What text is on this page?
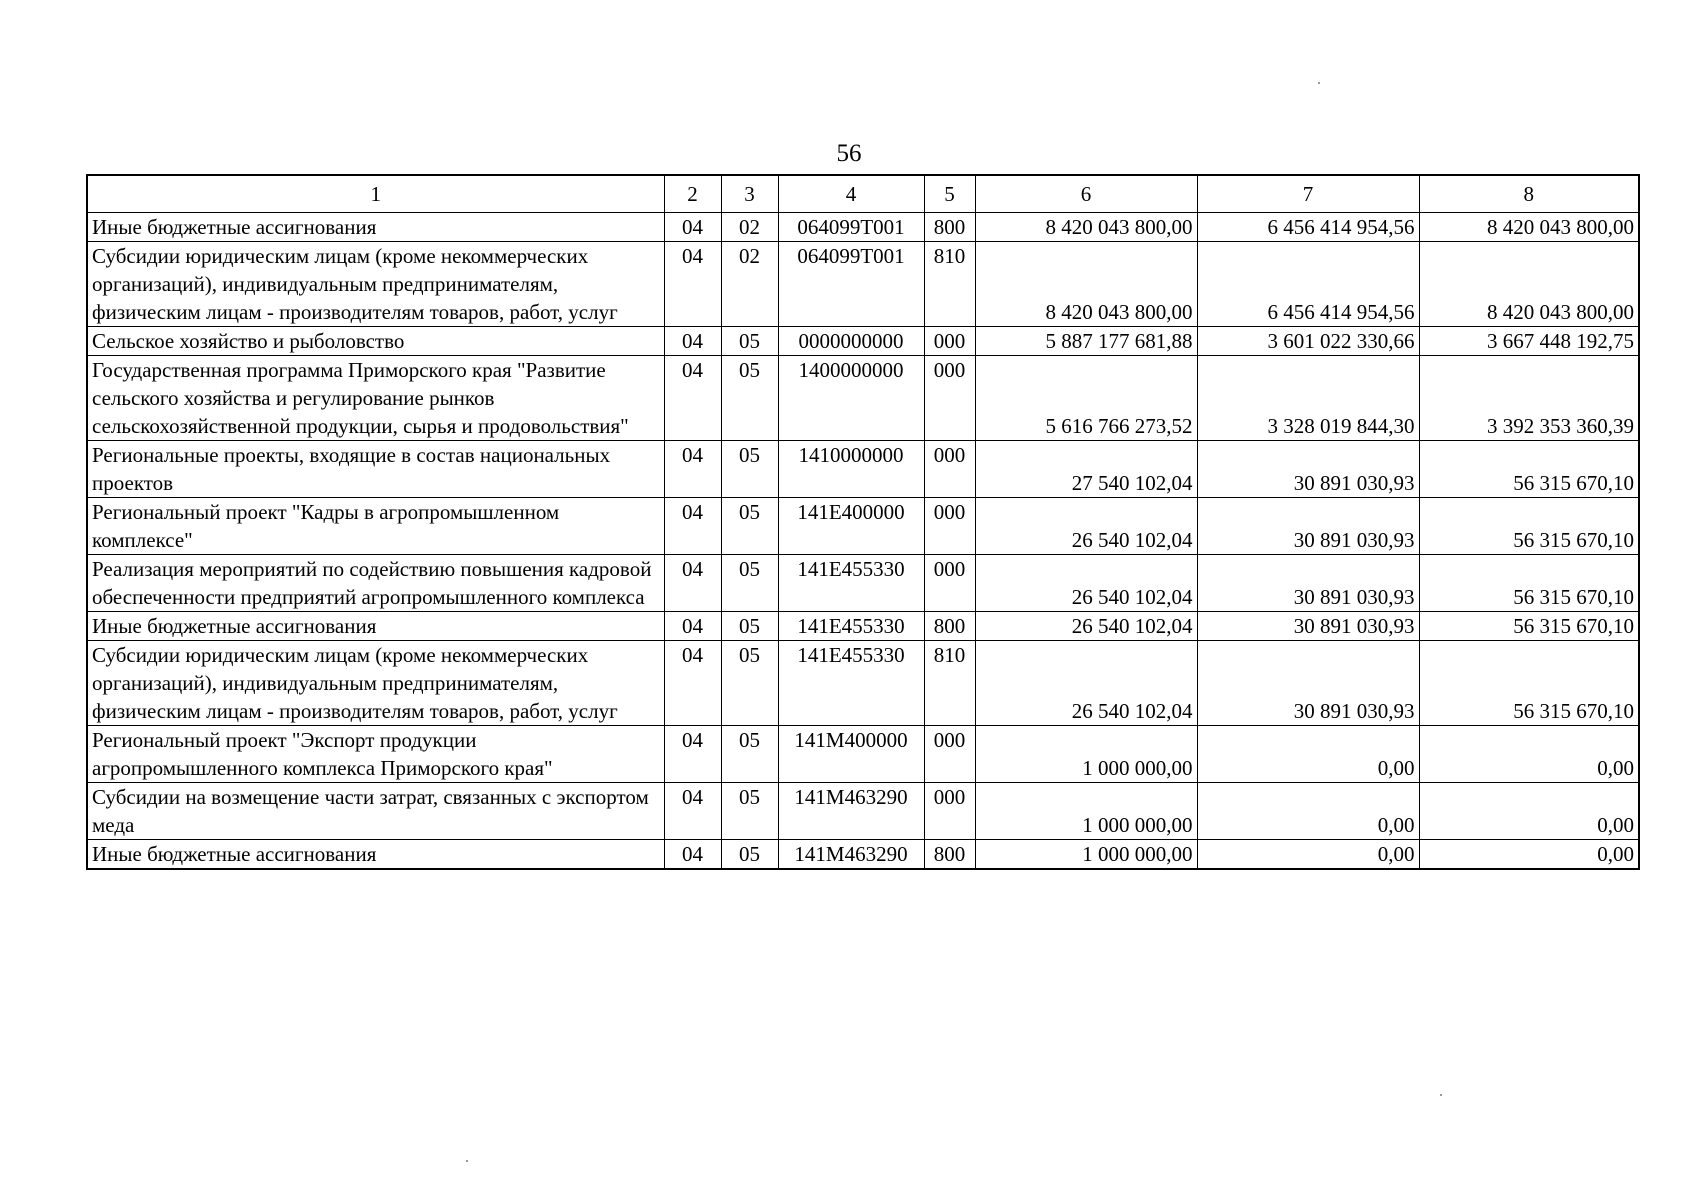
56
1	2	3	4	5	6	7	8
Иные бюджетные ассигнования	04	02	064099Т001	800	8 420 043 800,00	6 456 414 954,56	8 420 043 800,00
Субсидии юридическим лицам (кроме некоммерческих организаций), индивидуальным предпринимателям, физическим лицам - производителям товаров, работ, услуг	04	02	064099Т001	810	8 420 043 800,00	6 456 414 954,56	8 420 043 800,00
Сельское хозяйство и рыболовство	04	05	0000000000	000	5 887 177 681,88	3 601 022 330,66	3 667 448 192,75
Государственная программа Приморского края "Развитие сельского хозяйства и регулирование рынков сельскохозяйственной продукции, сырья и продовольствия"	04	05	1400000000	000	5 616 766 273,52	3 328 019 844,30	3 392 353 360,39
Региональные проекты, входящие в состав национальных проектов	04	05	1410000000	000	27 540 102,04	30 891 030,93	56 315 670,10
Региональный проект "Кадры в агропромышленном комплексе"	04	05	141Е400000	000	26 540 102,04	30 891 030,93	56 315 670,10
Реализация мероприятий по содействию повышения кадровой обеспеченности предприятий агропромышленного комплекса	04	05	141Е455330	000	26 540 102,04	30 891 030,93	56 315 670,10
Иные бюджетные ассигнования	04	05	141Е455330	800	26 540 102,04	30 891 030,93	56 315 670,10
Субсидии юридическим лицам (кроме некоммерческих организаций), индивидуальным предпринимателям, физическим лицам - производителям товаров, работ, услуг	04	05	141Е455330	810	26 540 102,04	30 891 030,93	56 315 670,10
Региональный проект "Экспорт продукции агропромышленного комплекса Приморского края"	04	05	141М400000	000	1 000 000,00	0,00	0,00
Субсидии на возмещение части затрат, связанных с экспортом меда	04	05	141М463290	000	1 000 000,00	0,00	0,00
Иные бюджетные ассигнования	04	05	141М463290	800	1 000 000,00	0,00	0,00
